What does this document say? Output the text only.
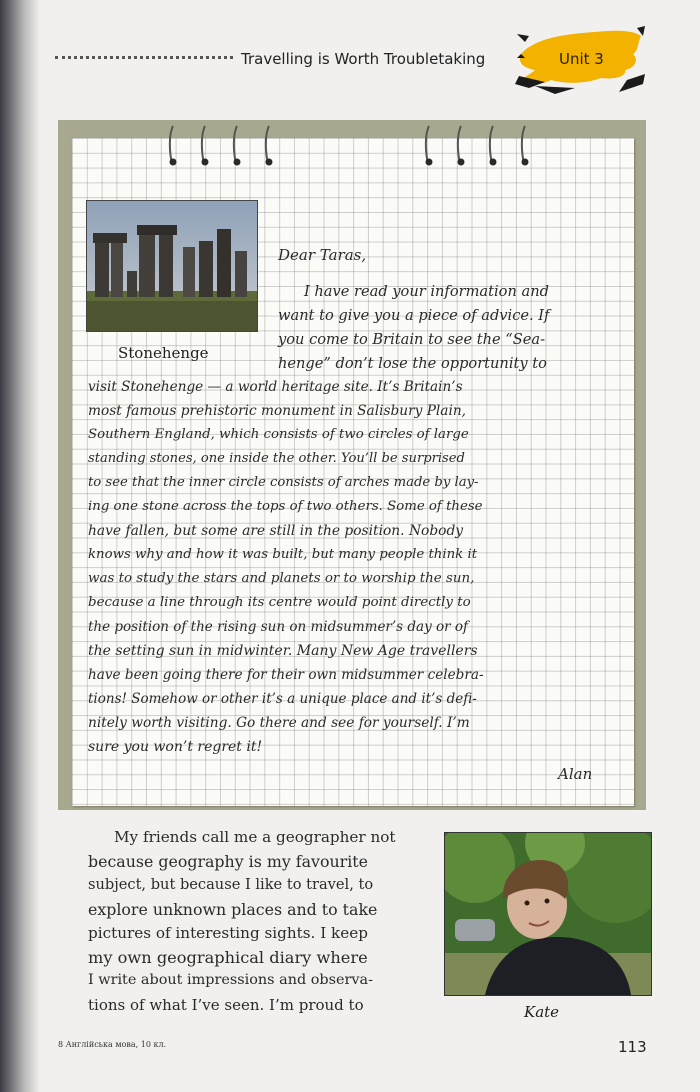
Travelling is Worth Troubletaking	Unit 3
Stonehenge
Dear Taras,
I have read your information and
want to give you a piece of advice. If
you come to Britain to see the “Sea-
henge” don’t lose the opportunity to
visit Stonehenge — a world heritage site. It’s Britain’s
most famous prehistoric monument in Salisbury Plain,
Southern England, which consists of two circles of large
standing stones, one inside the other. You’ll be surprised
to see that the inner circle consists of arches made by lay-
ing one stone across the tops of two others. Some of these
have fallen, but some are still in the position. Nobody
knows why and how it was built, but many people think it
was to study the stars and planets or to worship the sun,
because a line through its centre would point directly to
the position of the rising sun on midsummer’s day or of
the setting sun in midwinter. Many New Age travellers
have been going there for their own midsummer celebra-
tions! Somehow or other it’s a unique place and it’s defi-
nitely worth visiting. Go there and see for yourself. I’m
sure you won’t regret it!
Alan
My friends call me a geographer not
because geography is my favourite
subject, but because I like to travel, to
explore unknown places and to take
pictures of interesting sights. I keep
my own geographical diary where
I write about impressions and observa-
tions of what I’ve seen. I’m proud to	Kate
8 Англійська мова, 10 кл.	113
